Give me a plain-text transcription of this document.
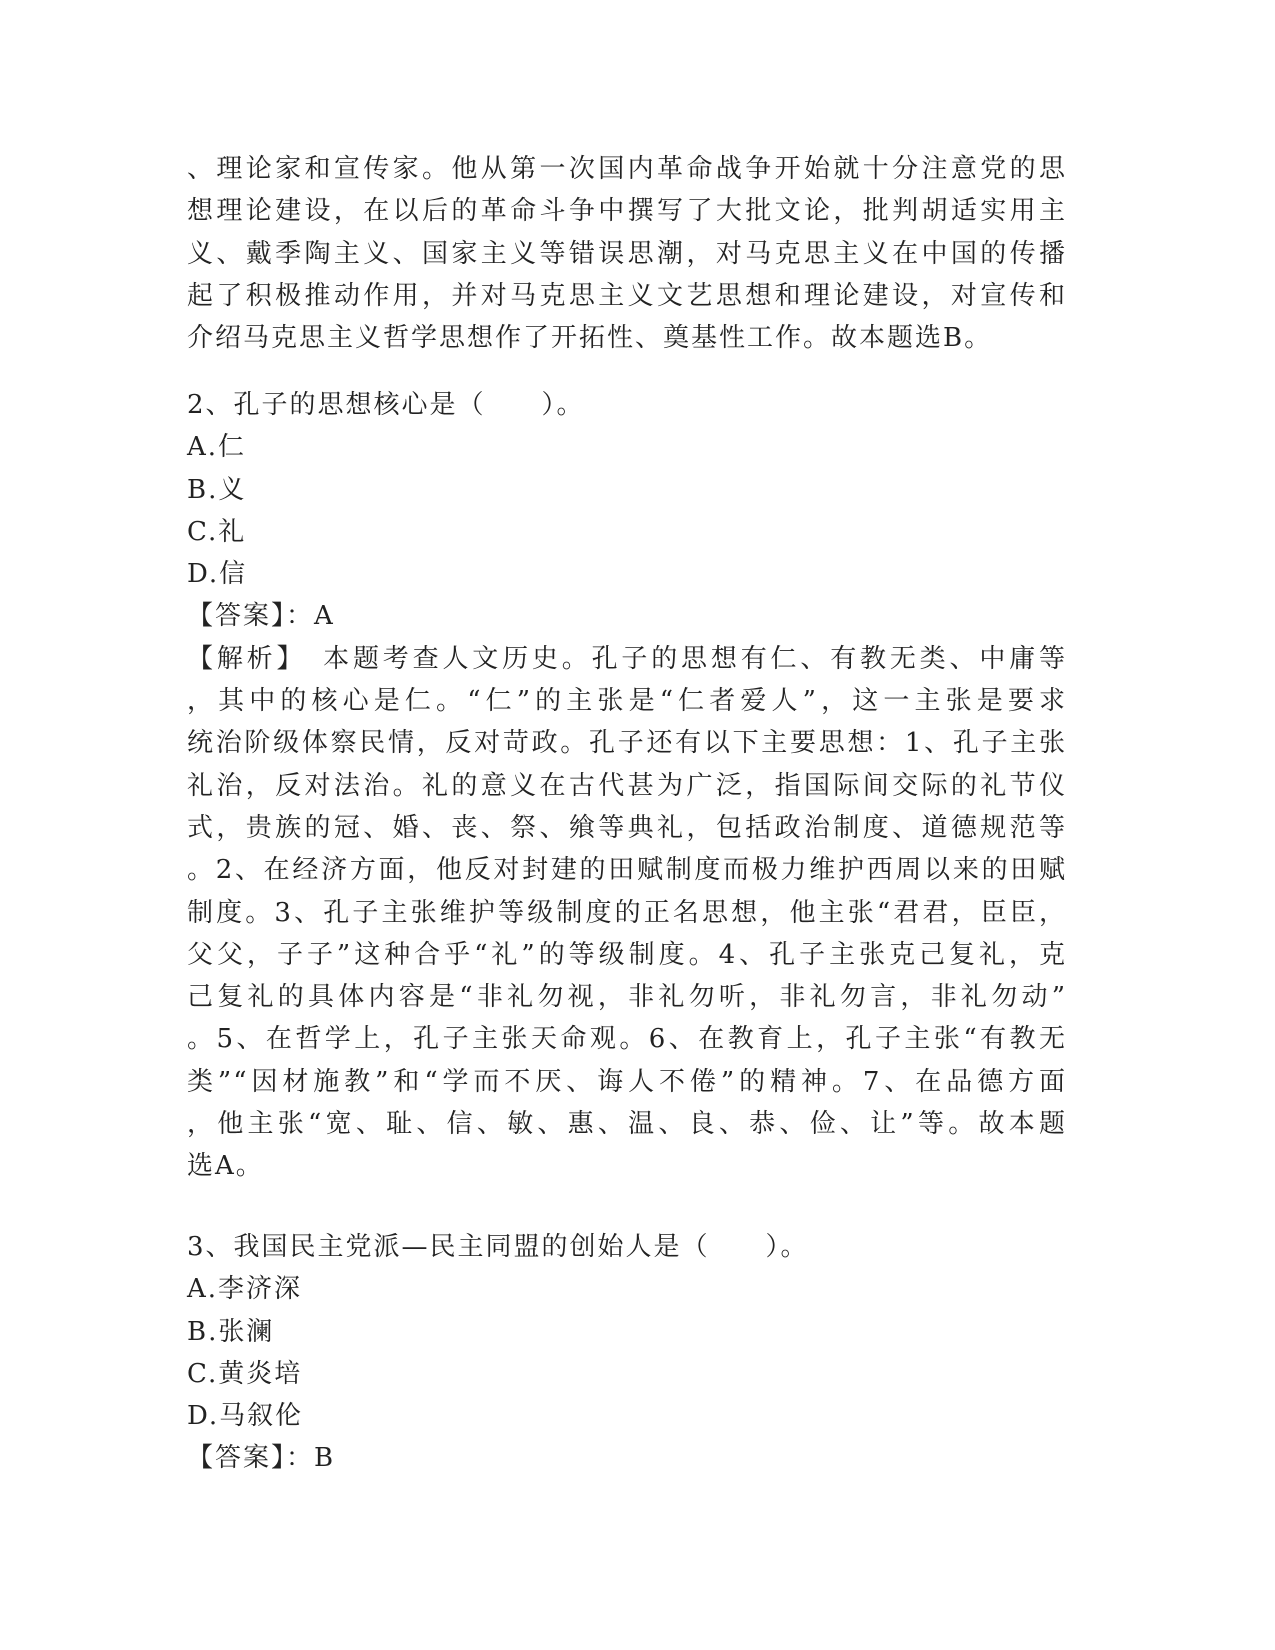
、理论家和宣传家。他从第一次国内革命战争开始就十分注意党的思
想理论建设，在以后的革命斗争中撰写了大批文论，批判胡适实用主
义、戴季陶主义、国家主义等错误思潮，对马克思主义在中国的传播
起了积极推动作用，并对马克思主义文艺思想和理论建设，对宣传和
介绍马克思主义哲学思想作了开拓性、奠基性工作。故本题选B。
2、孔子的思想核心是（　　）。
A.仁
B.义
C.礼
D.信
【答案】：A
【解析】　本题考查人文历史。孔子的思想有仁、有教无类、中庸等
，其中的核心是仁。“仁”的主张是“仁者爱人”，这一主张是要求
统治阶级体察民情，反对苛政。孔子还有以下主要思想：1、孔子主张
礼治，反对法治。礼的意义在古代甚为广泛，指国际间交际的礼节仪
式，贵族的冠、婚、丧、祭、飨等典礼，包括政治制度、道德规范等
。2、在经济方面，他反对封建的田赋制度而极力维护西周以来的田赋
制度。3、孔子主张维护等级制度的正名思想，他主张“君君，臣臣，
父父，子子”这种合乎“礼”的等级制度。4、孔子主张克己复礼，克
己复礼的具体内容是“非礼勿视，非礼勿听，非礼勿言，非礼勿动”
。5、在哲学上，孔子主张天命观。6、在教育上，孔子主张“有教无
类”“因材施教”和“学而不厌、诲人不倦”的精神。7、在品德方面
，他主张“宽、耻、信、敏、惠、温、良、恭、俭、让”等。故本题
选A。
3、我国民主党派—民主同盟的创始人是（　　）。
A.李济深
B.张澜
C.黄炎培
D.马叙伦
【答案】：B
